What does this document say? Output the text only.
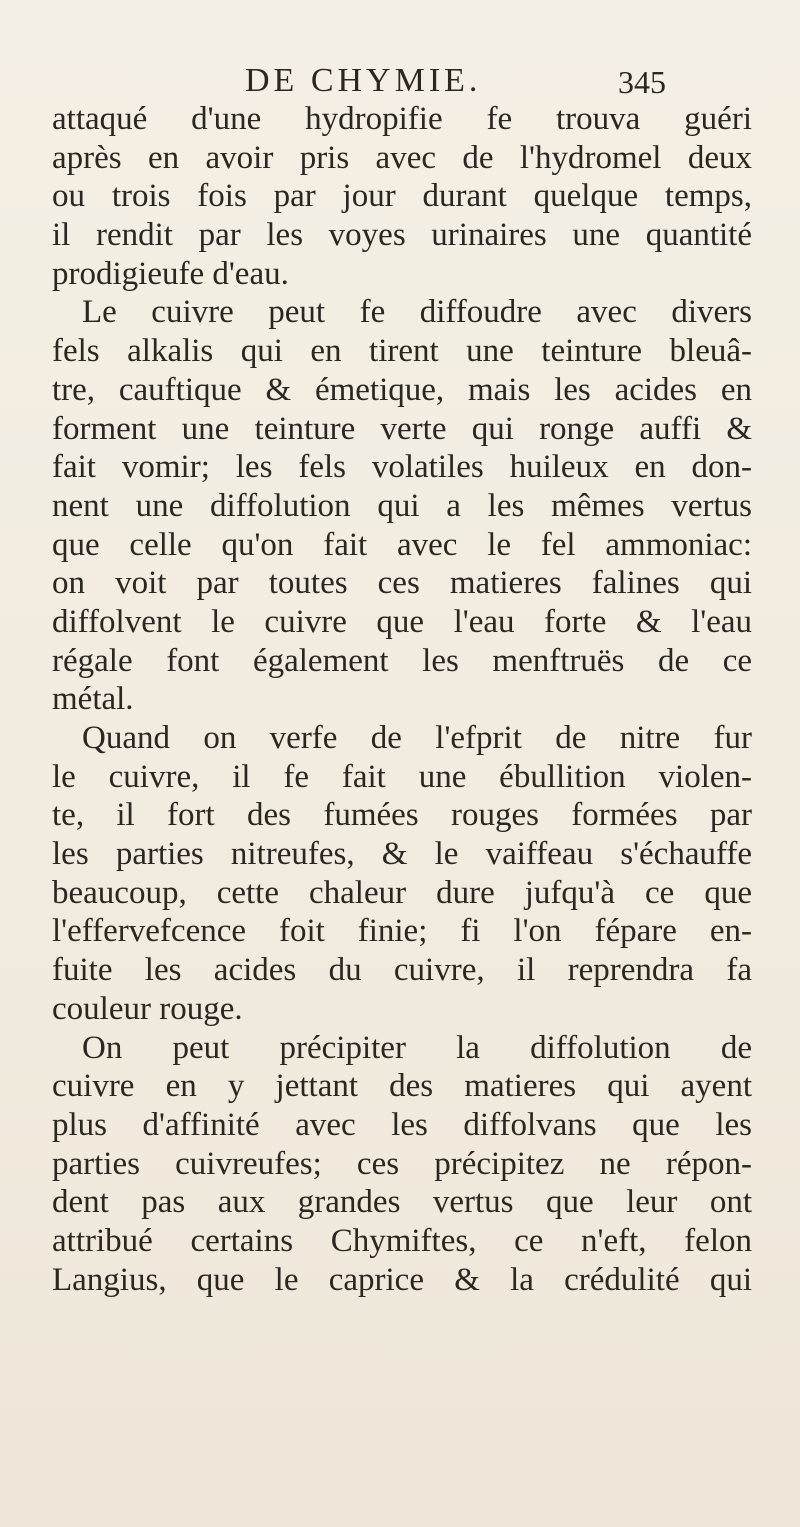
DE CHYMIE.	345
attaqué d'une hydropifie fe trouva guéri
après en avoir pris avec de l'hydromel deux
ou trois fois par jour durant quelque temps,
il rendit par les voyes urinaires une quantité
prodigieufe d'eau.
Le cuivre peut fe diffoudre avec divers
fels alkalis qui en tirent une teinture bleuâ-
tre, cauftique & émetique, mais les acides en
forment une teinture verte qui ronge auffi &
fait vomir; les fels volatiles huileux en don-
nent une diffolution qui a les mêmes vertus
que celle qu'on fait avec le fel ammoniac:
on voit par toutes ces matieres falines qui
diffolvent le cuivre que l'eau forte & l'eau
régale font également les menftruës de ce
métal.
Quand on verfe de l'efprit de nitre fur
le cuivre, il fe fait une ébullition violen-
te, il fort des fumées rouges formées par
les parties nitreufes, & le vaiffeau s'échauffe
beaucoup, cette chaleur dure jufqu'à ce que
l'effervefcence foit finie; fi l'on fépare en-
fuite les acides du cuivre, il reprendra fa
couleur rouge.
On peut précipiter la diffolution de
cuivre en y jettant des matieres qui ayent
plus d'affinité avec les diffolvans que les
parties cuivreufes; ces précipitez ne répon-
dent pas aux grandes vertus que leur ont
attribué certains Chymiftes, ce n'eft, felon
Langius, que le caprice & la crédulité qui
